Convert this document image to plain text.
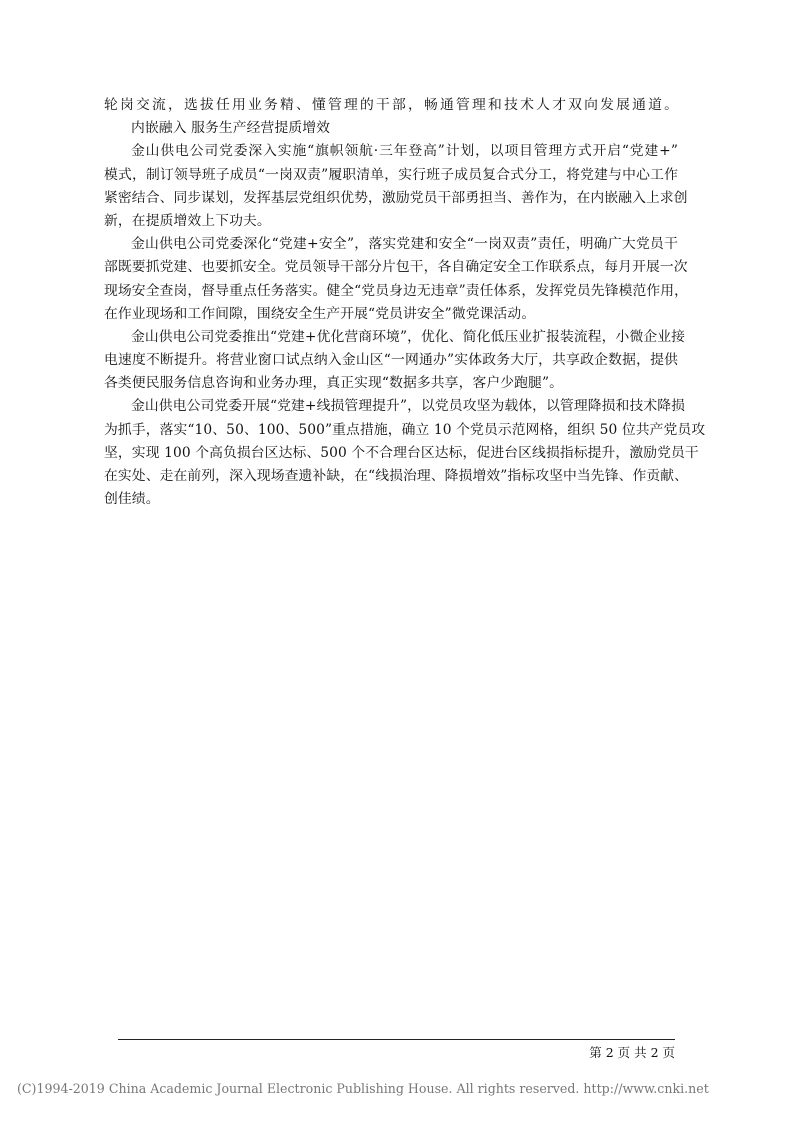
轮岗交流，选拔任用业务精、懂管理的干部，畅通管理和技术人才双向发展通道。

内嵌融入 服务生产经营提质增效

金山供电公司党委深入实施“旗帜领航·三年登高”计划，以项目管理方式开启“党建+”

模式，制订领导班子成员“一岗双责”履职清单，实行班子成员复合式分工，将党建与中心工作

紧密结合、同步谋划，发挥基层党组织优势，激励党员干部勇担当、善作为，在内嵌融入上求创

新，在提质增效上下功夫。

金山供电公司党委深化“党建+安全”，落实党建和安全“一岗双责”责任，明确广大党员干

部既要抓党建、也要抓安全。党员领导干部分片包干，各自确定安全工作联系点，每月开展一次

现场安全查岗，督导重点任务落实。健全“党员身边无违章”责任体系，发挥党员先锋模范作用，

在作业现场和工作间隙，围绕安全生产开展“党员讲安全”微党课活动。

金山供电公司党委推出“党建+优化营商环境”，优化、简化低压业扩报装流程，小微企业接

电速度不断提升。将营业窗口试点纳入金山区“一网通办”实体政务大厅，共享政企数据，提供

各类便民服务信息咨询和业务办理，真正实现“数据多共享，客户少跑腿”。

金山供电公司党委开展“党建+线损管理提升”，以党员攻坚为载体，以管理降损和技术降损

为抓手，落实“10、50、100、500”重点措施，确立 10 个党员示范网格，组织 50 位共产党员攻

坚，实现 100 个高负损台区达标、500 个不合理台区达标，促进台区线损指标提升，激励党员干

在实处、走在前列，深入现场查遗补缺，在“线损治理、降损增效”指标攻坚中当先锋、作贡献、

创佳绩。

第 2 页 共 2 页
(C)1994-2019 China Academic Journal Electronic Publishing House. All rights reserved. http://www.cnki.net
